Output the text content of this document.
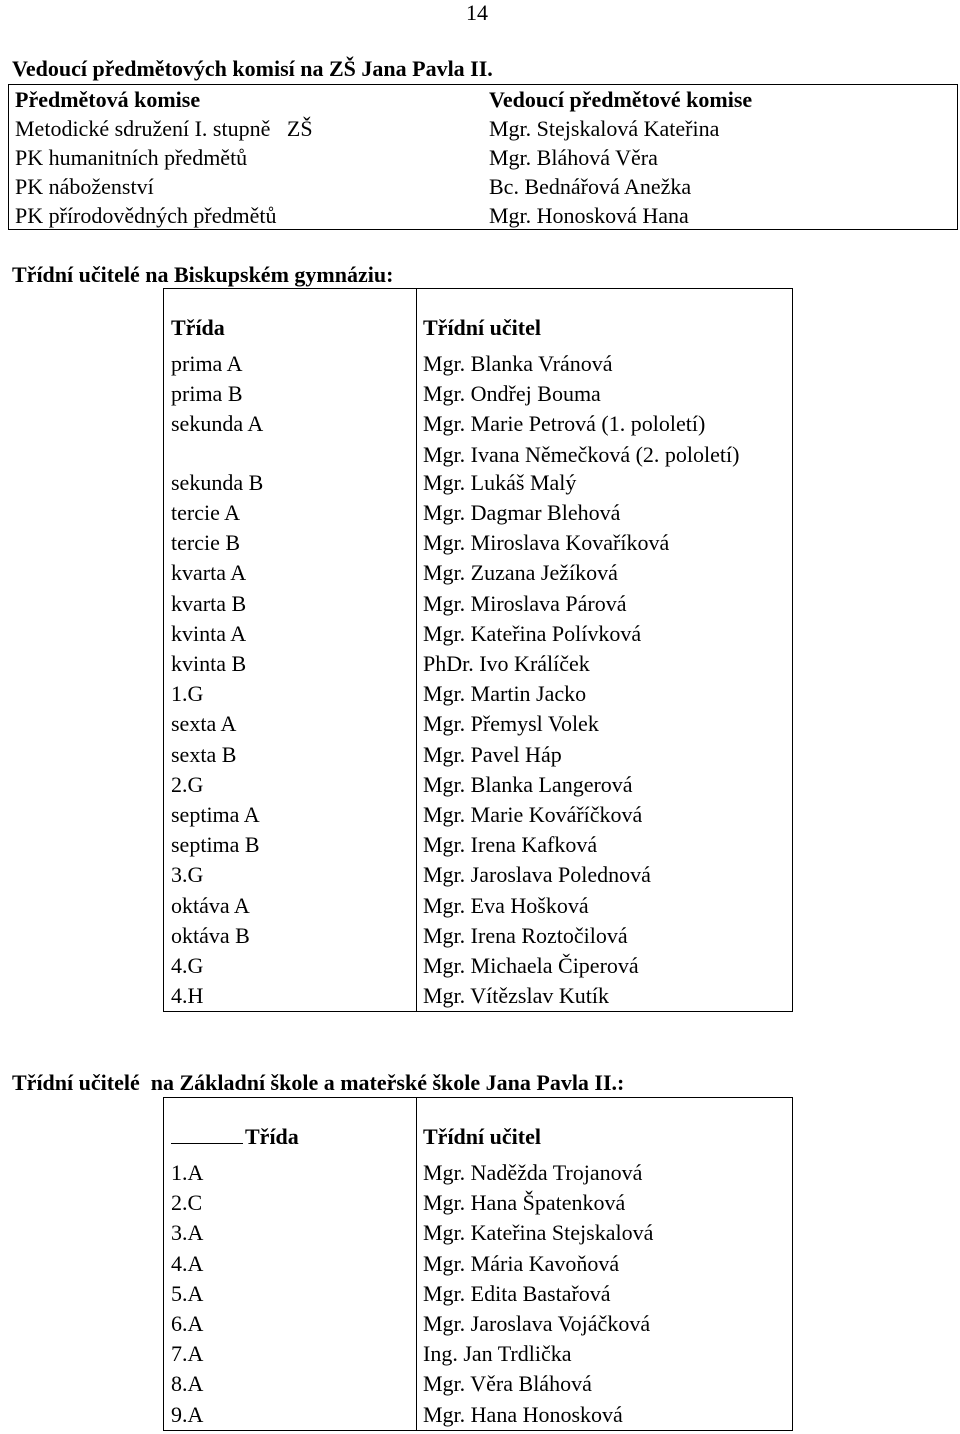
14
Vedoucí předmětových komisí na ZŠ Jana Pavla II.
Předmětová komise	Vedoucí předmětové komise
Metodické sdružení I. stupně   ZŠ	Mgr. Stejskalová Kateřina
PK humanitních předmětů	Mgr. Bláhová Věra
PK náboženství	Bc. Bednářová Anežka
PK přírodovědných předmětů	Mgr. Honosková Hana
Třídní učitelé na Biskupském gymnáziu:
Třída	Třídní učitel
prima A	Mgr. Blanka Vránová
prima B	Mgr. Ondřej Bouma
sekunda A	Mgr. Marie Petrová (1. pololetí)
Mgr. Ivana Němečková (2. pololetí)
sekunda B	Mgr. Lukáš Malý
tercie A	Mgr. Dagmar Blehová
tercie B	Mgr. Miroslava Kovaříková
kvarta A	Mgr. Zuzana Ježíková
kvarta B	Mgr. Miroslava Párová
kvinta A	Mgr. Kateřina Polívková
kvinta B	PhDr. Ivo Králíček
1.G	Mgr. Martin Jacko
sexta A	Mgr. Přemysl Volek
sexta B	Mgr. Pavel Háp
2.G	Mgr. Blanka Langerová
septima A	Mgr. Marie Kováříčková
septima B	Mgr. Irena Kafková
3.G	Mgr. Jaroslava Polednová
oktáva A	Mgr. Eva Hošková
oktáva B	Mgr. Irena Roztočilová
4.G	Mgr. Michaela Čiperová
4.H	Mgr. Vítězslav Kutík
Třídní učitelé  na Základní škole a mateřské škole Jana Pavla II.:
Třída	Třídní učitel
1.A	Mgr. Naděžda Trojanová
2.C	Mgr. Hana Špatenková
3.A	Mgr. Kateřina Stejskalová
4.A	Mgr. Mária Kavoňová
5.A	Mgr. Edita Bastařová
6.A	Mgr. Jaroslava Vojáčková
7.A	Ing. Jan Trdlička
8.A	Mgr. Věra Bláhová
9.A	Mgr. Hana Honosková
